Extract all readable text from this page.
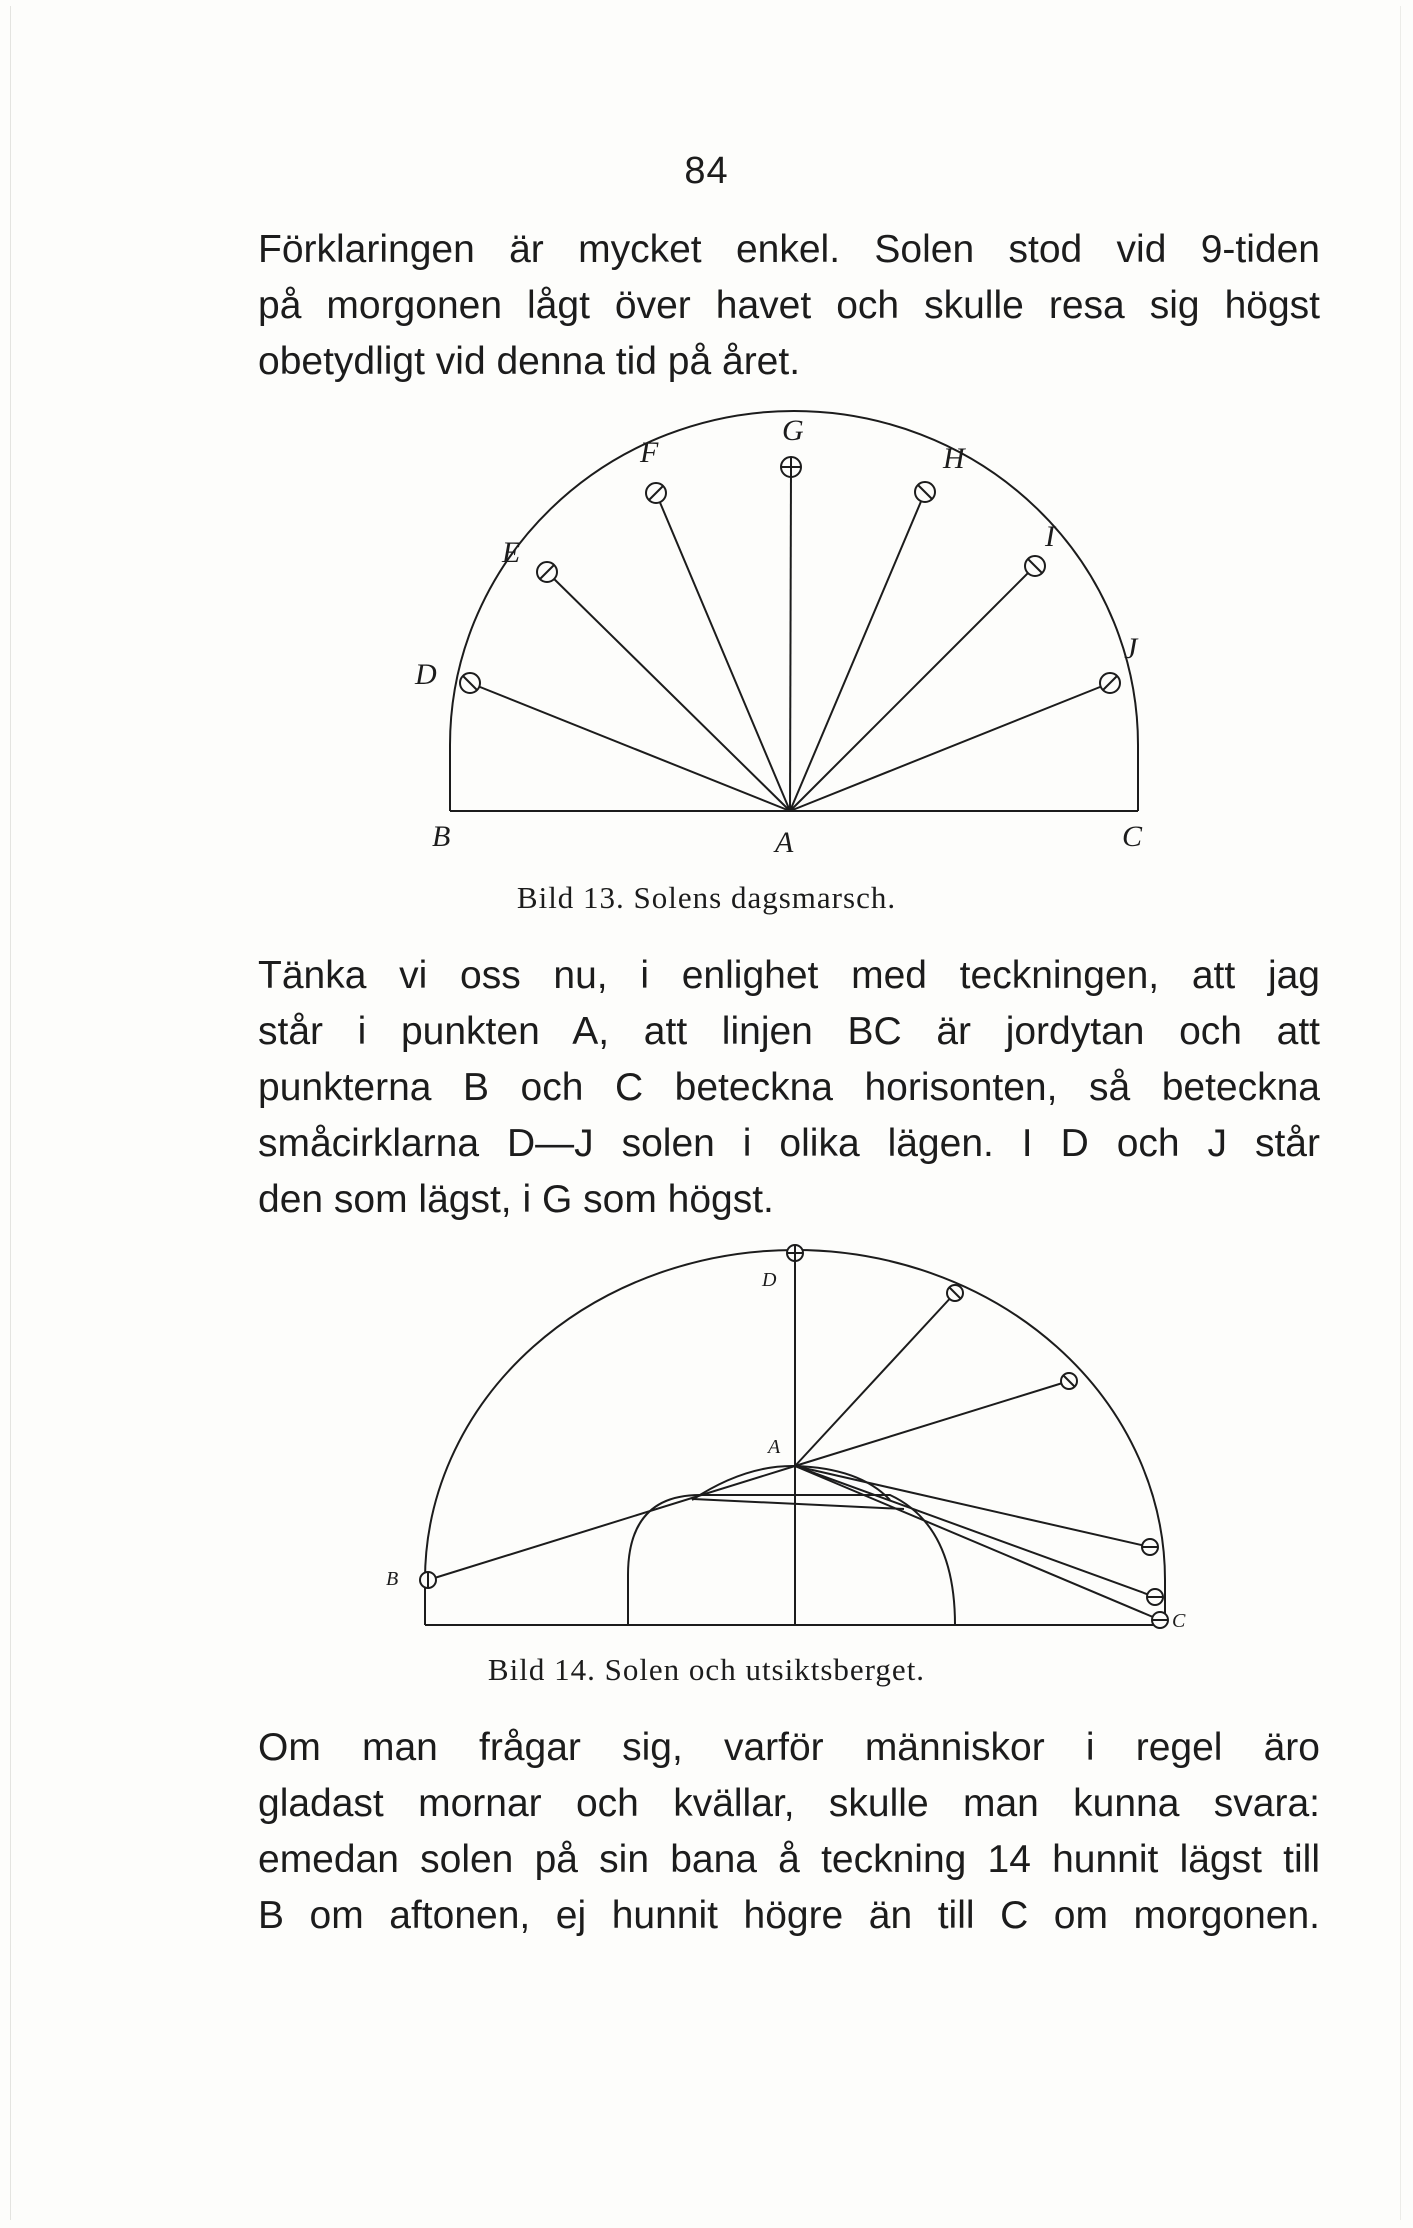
84
Förklaringen är mycket enkel. Solen stod vid 9-tiden
på morgonen lågt över havet och skulle resa sig högst
obetydligt vid denna tid på året.
F
G
H
E	I
D
J
B	A	C
Bild 13. Solens dagsmarsch.
Tänka vi oss nu, i enlighet med teckningen, att jag
står i punkten A, att linjen BC är jordytan och att
punkterna B och C beteckna horisonten, så beteckna
småcirklarna D—J solen i olika lägen. I D och J står
den som lägst, i G som högst.
D
A
B
C
Bild 14. Solen och utsiktsberget.
Om man frågar sig, varför människor i regel äro
gladast mornar och kvällar, skulle man kunna svara:
emedan solen på sin bana å teckning 14 hunnit lägst till
B om aftonen, ej hunnit högre än till C om morgonen.
